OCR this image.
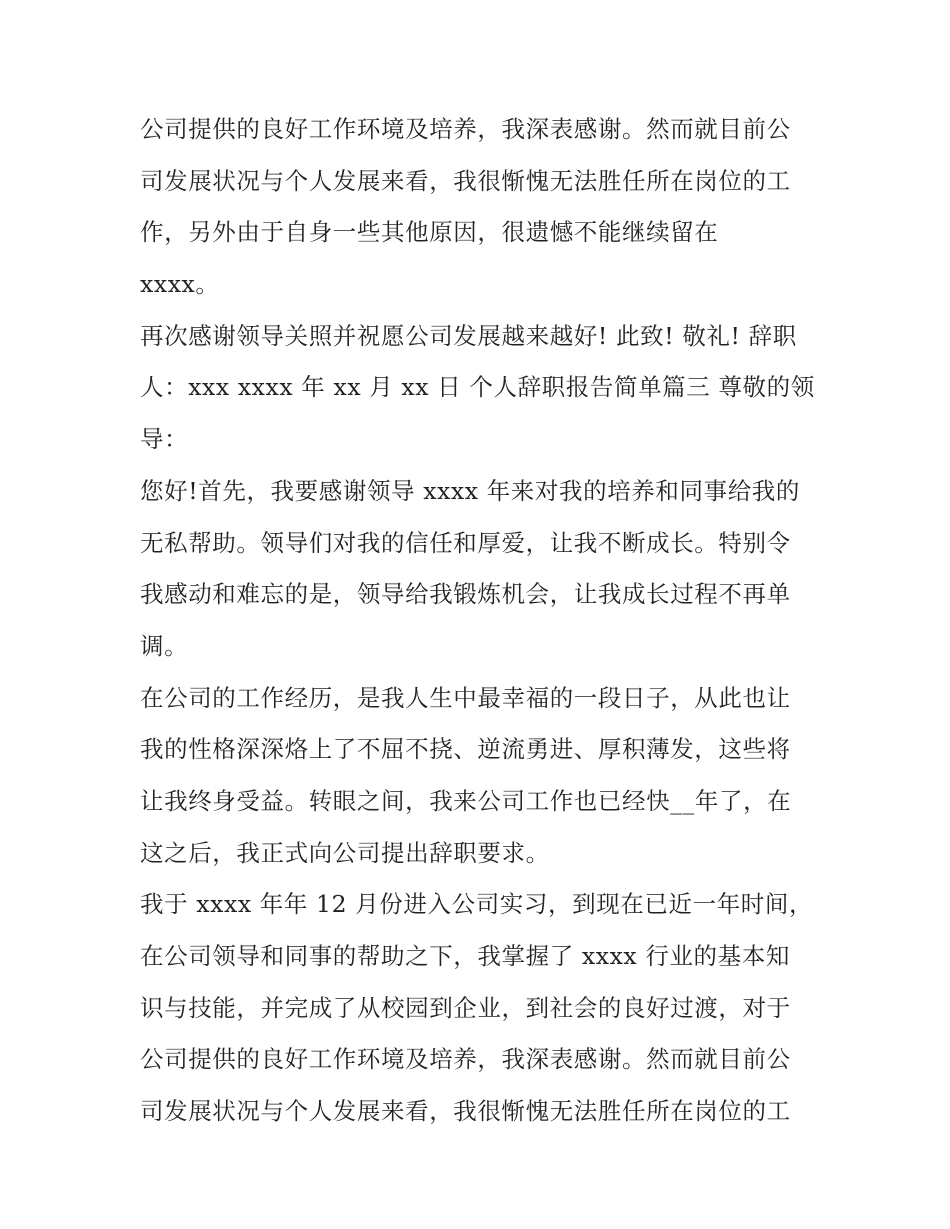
公司提供的良好工作环境及培养，我深表感谢。然而就目前公
司发展状况与个人发展来看，我很惭愧无法胜任所在岗位的工
作，另外由于自身一些其他原因，很遗憾不能继续留在
xxxx。
再次感谢领导关照并祝愿公司发展越来越好! 此致! 敬礼! 辞职
人：xxx xxxx 年 xx 月 xx 日 个人辞职报告简单篇三 尊敬的领
导：
您好!首先，我要感谢领导 xxxx 年来对我的培养和同事给我的
无私帮助。领导们对我的信任和厚爱，让我不断成长。特别令
我感动和难忘的是，领导给我锻炼机会，让我成长过程不再单
调。
在公司的工作经历，是我人生中最幸福的一段日子，从此也让
我的性格深深烙上了不屈不挠、逆流勇进、厚积薄发，这些将
让我终身受益。转眼之间，我来公司工作也已经快__年了，在
这之后，我正式向公司提出辞职要求。
我于 xxxx 年年 12 月份进入公司实习，到现在已近一年时间，
在公司领导和同事的帮助之下，我掌握了 xxxx 行业的基本知
识与技能，并完成了从校园到企业，到社会的良好过渡，对于
公司提供的良好工作环境及培养，我深表感谢。然而就目前公
司发展状况与个人发展来看，我很惭愧无法胜任所在岗位的工
